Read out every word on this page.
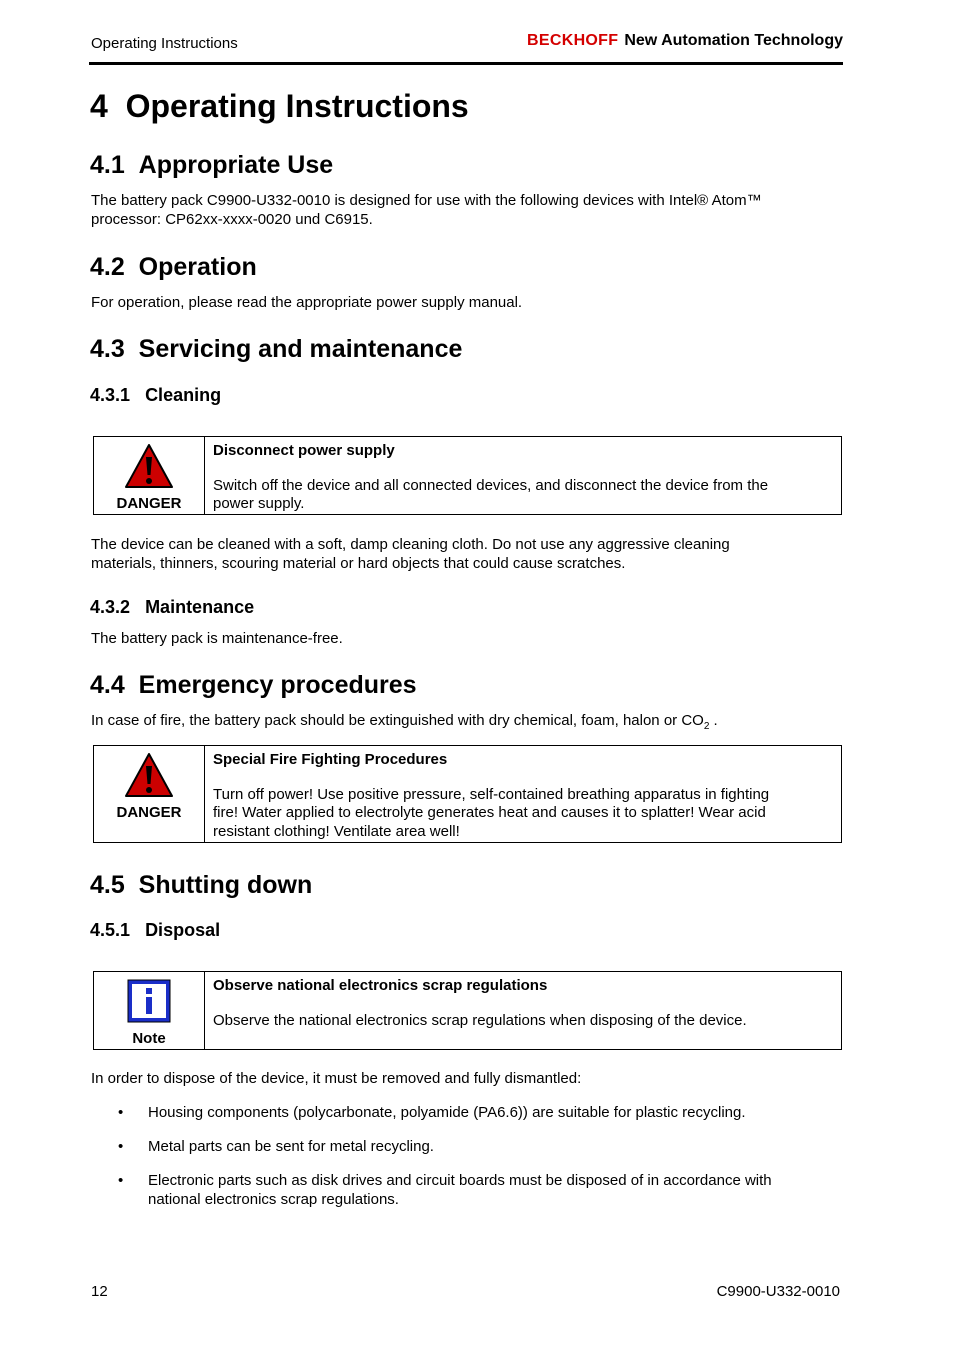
Operating Instructions	BECKHOFF New Automation Technology
4 Operating Instructions
4.1 Appropriate Use

The battery pack C9900-U332-0010 is designed for use with the following devices with Intel® Atom™
processor: CP62xx-xxxx-0020 und C6915.

4.2 Operation

For operation, please read the appropriate power supply manual.

4.3 Servicing and maintenance
4.3.1 Cleaning
DANGER
Disconnect power supply
Switch off the device and all connected devices, and disconnect the device from the
power supply.

The device can be cleaned with a soft, damp cleaning cloth. Do not use any aggressive cleaning
materials, thinners, scouring material or hard objects that could cause scratches.

4.3.2 Maintenance

The battery pack is maintenance-free.

4.4 Emergency procedures

In case of fire, the battery pack should be extinguished with dry chemical, foam, halon or $CO_2$ .

DANGER
Special Fire Fighting Procedures
Turn off power! Use positive pressure, self-contained breathing apparatus in fighting
fire! Water applied to electrolyte generates heat and causes it to splatter! Wear acid
resistant clothing! Ventilate area well!
4.5 Shutting down
4.5.1 Disposal
Note
Observe national electronics scrap regulations
Observe the national electronics scrap regulations when disposing of the device.

In order to dispose of the device, it must be removed and fully dismantled:

• Housing components (polycarbonate, polyamide (PA6.6)) are suitable for plastic recycling.
• Metal parts can be sent for metal recycling.
• Electronic parts such as disk drives and circuit boards must be disposed of in accordance with
national electronics scrap regulations.
12	C9900-U332-0010
